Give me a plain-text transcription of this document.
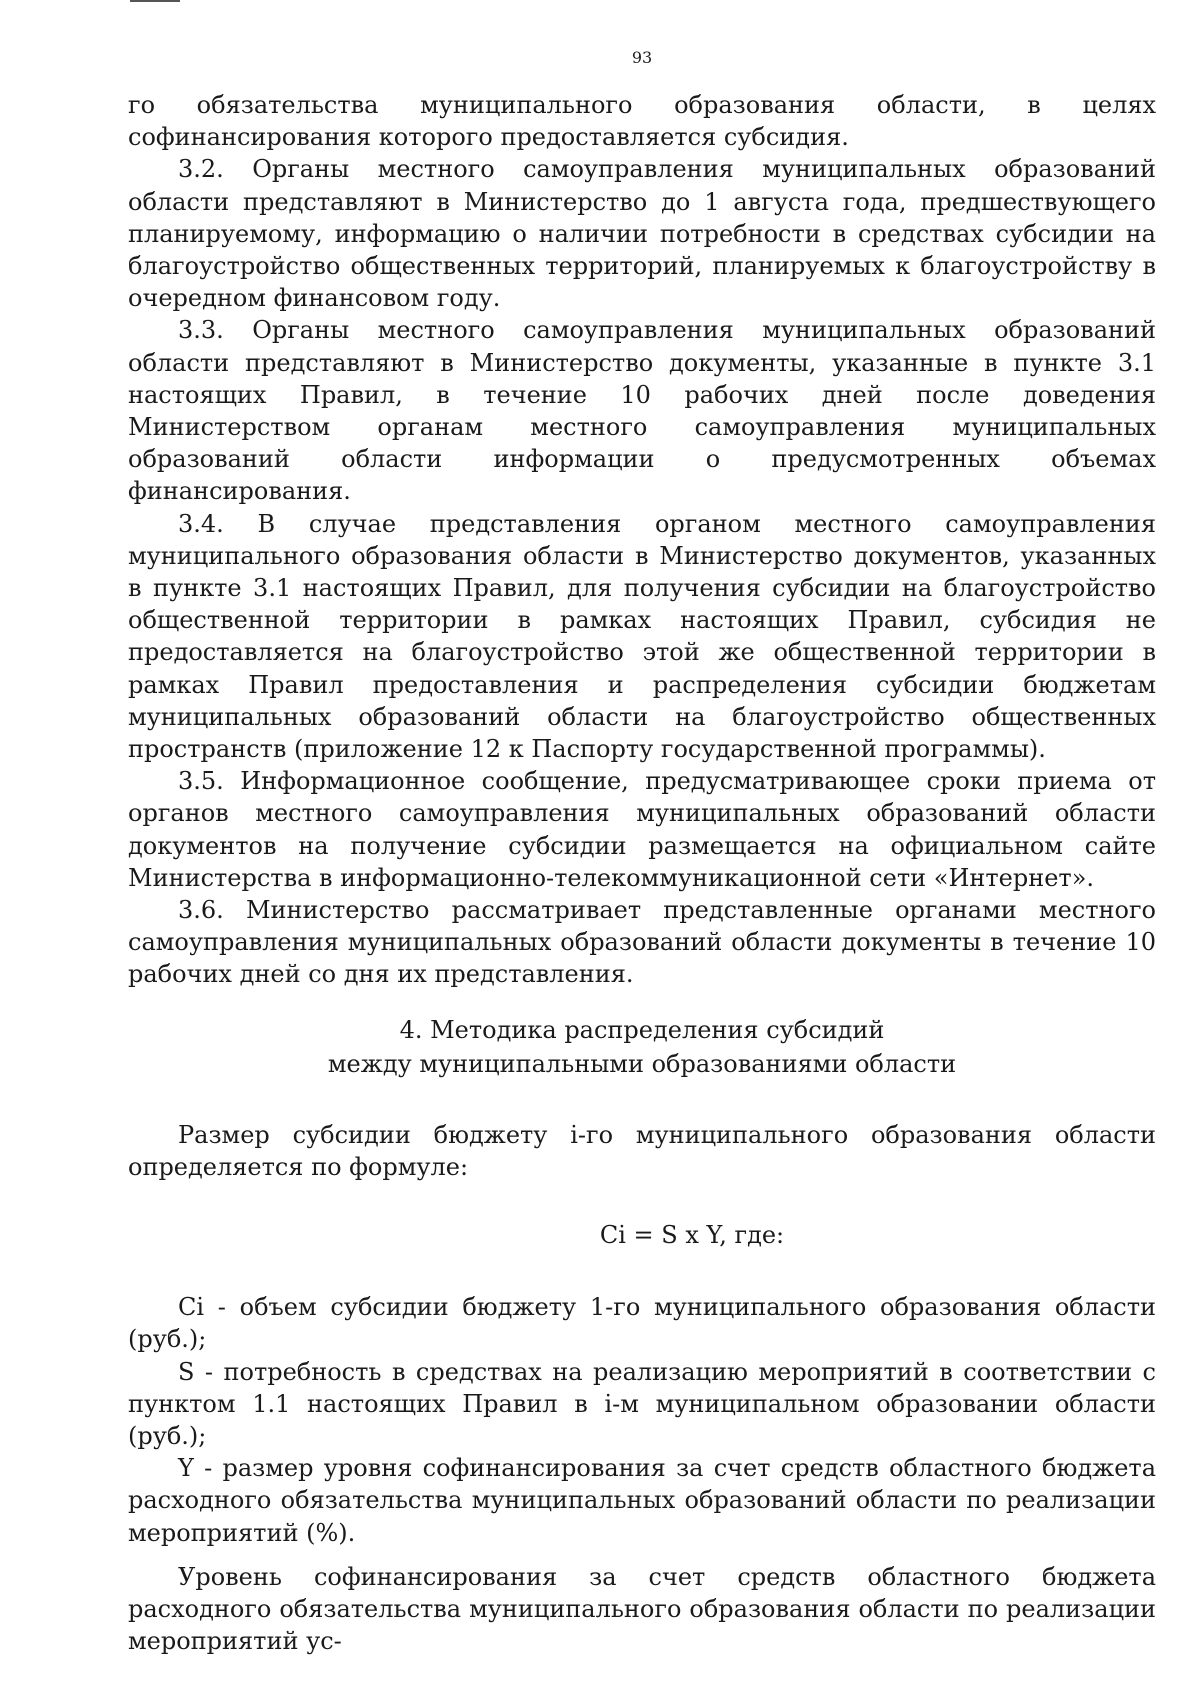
93

го обязательства муниципального образования области, в целях софинансирования которого предоставляется субсидия.

3.2. Органы местного самоуправления муниципальных образований области представляют в Министерство до 1 августа года, предшествующего планируемому, информацию о наличии потребности в средствах субсидии на благоустройство общественных территорий, планируемых к благоустройству в очередном финансовом году.

3.3. Органы местного самоуправления муниципальных образований области представляют в Министерство документы, указанные в пункте 3.1 настоящих Правил, в течение 10 рабочих дней после доведения Министерством органам местного самоуправления муниципальных образований области информации о предусмотренных объемах финансирования.

3.4. В случае представления органом местного самоуправления муниципального образования области в Министерство документов, указанных в пункте 3.1 настоящих Правил, для получения субсидии на благоустройство общественной территории в рамках настоящих Правил, субсидия не предоставляется на благоустройство этой же общественной территории в рамках Правил предоставления и распределения субсидии бюджетам муниципальных образований области на благоустройство общественных пространств (приложение 12 к Паспорту государственной программы).

3.5. Информационное сообщение, предусматривающее сроки приема от органов местного самоуправления муниципальных образований области документов на получение субсидии размещается на официальном сайте Министерства в информационно-телекоммуникационной сети «Интернет».

3.6. Министерство рассматривает представленные органами местного самоуправления муниципальных образований области документы в течение 10 рабочих дней со дня их представления.

4. Методика распределения субсидий
между муниципальными образованиями области

Размер субсидии бюджету i-го муниципального образования области определяется по формуле:

Ci = S x Y, где:

Ci - объем субсидии бюджету 1-го муниципального образования области (руб.);

S - потребность в средствах на реализацию мероприятий в соответствии с пунктом 1.1 настоящих Правил в i-м муниципальном образовании области (руб.);

Y - размер уровня софинансирования за счет средств областного бюджета расходного обязательства муниципальных образований области по реализации мероприятий (%).

Уровень софинансирования за счет средств областного бюджета расходного обязательства муниципального образования области по реализации мероприятий ус-
